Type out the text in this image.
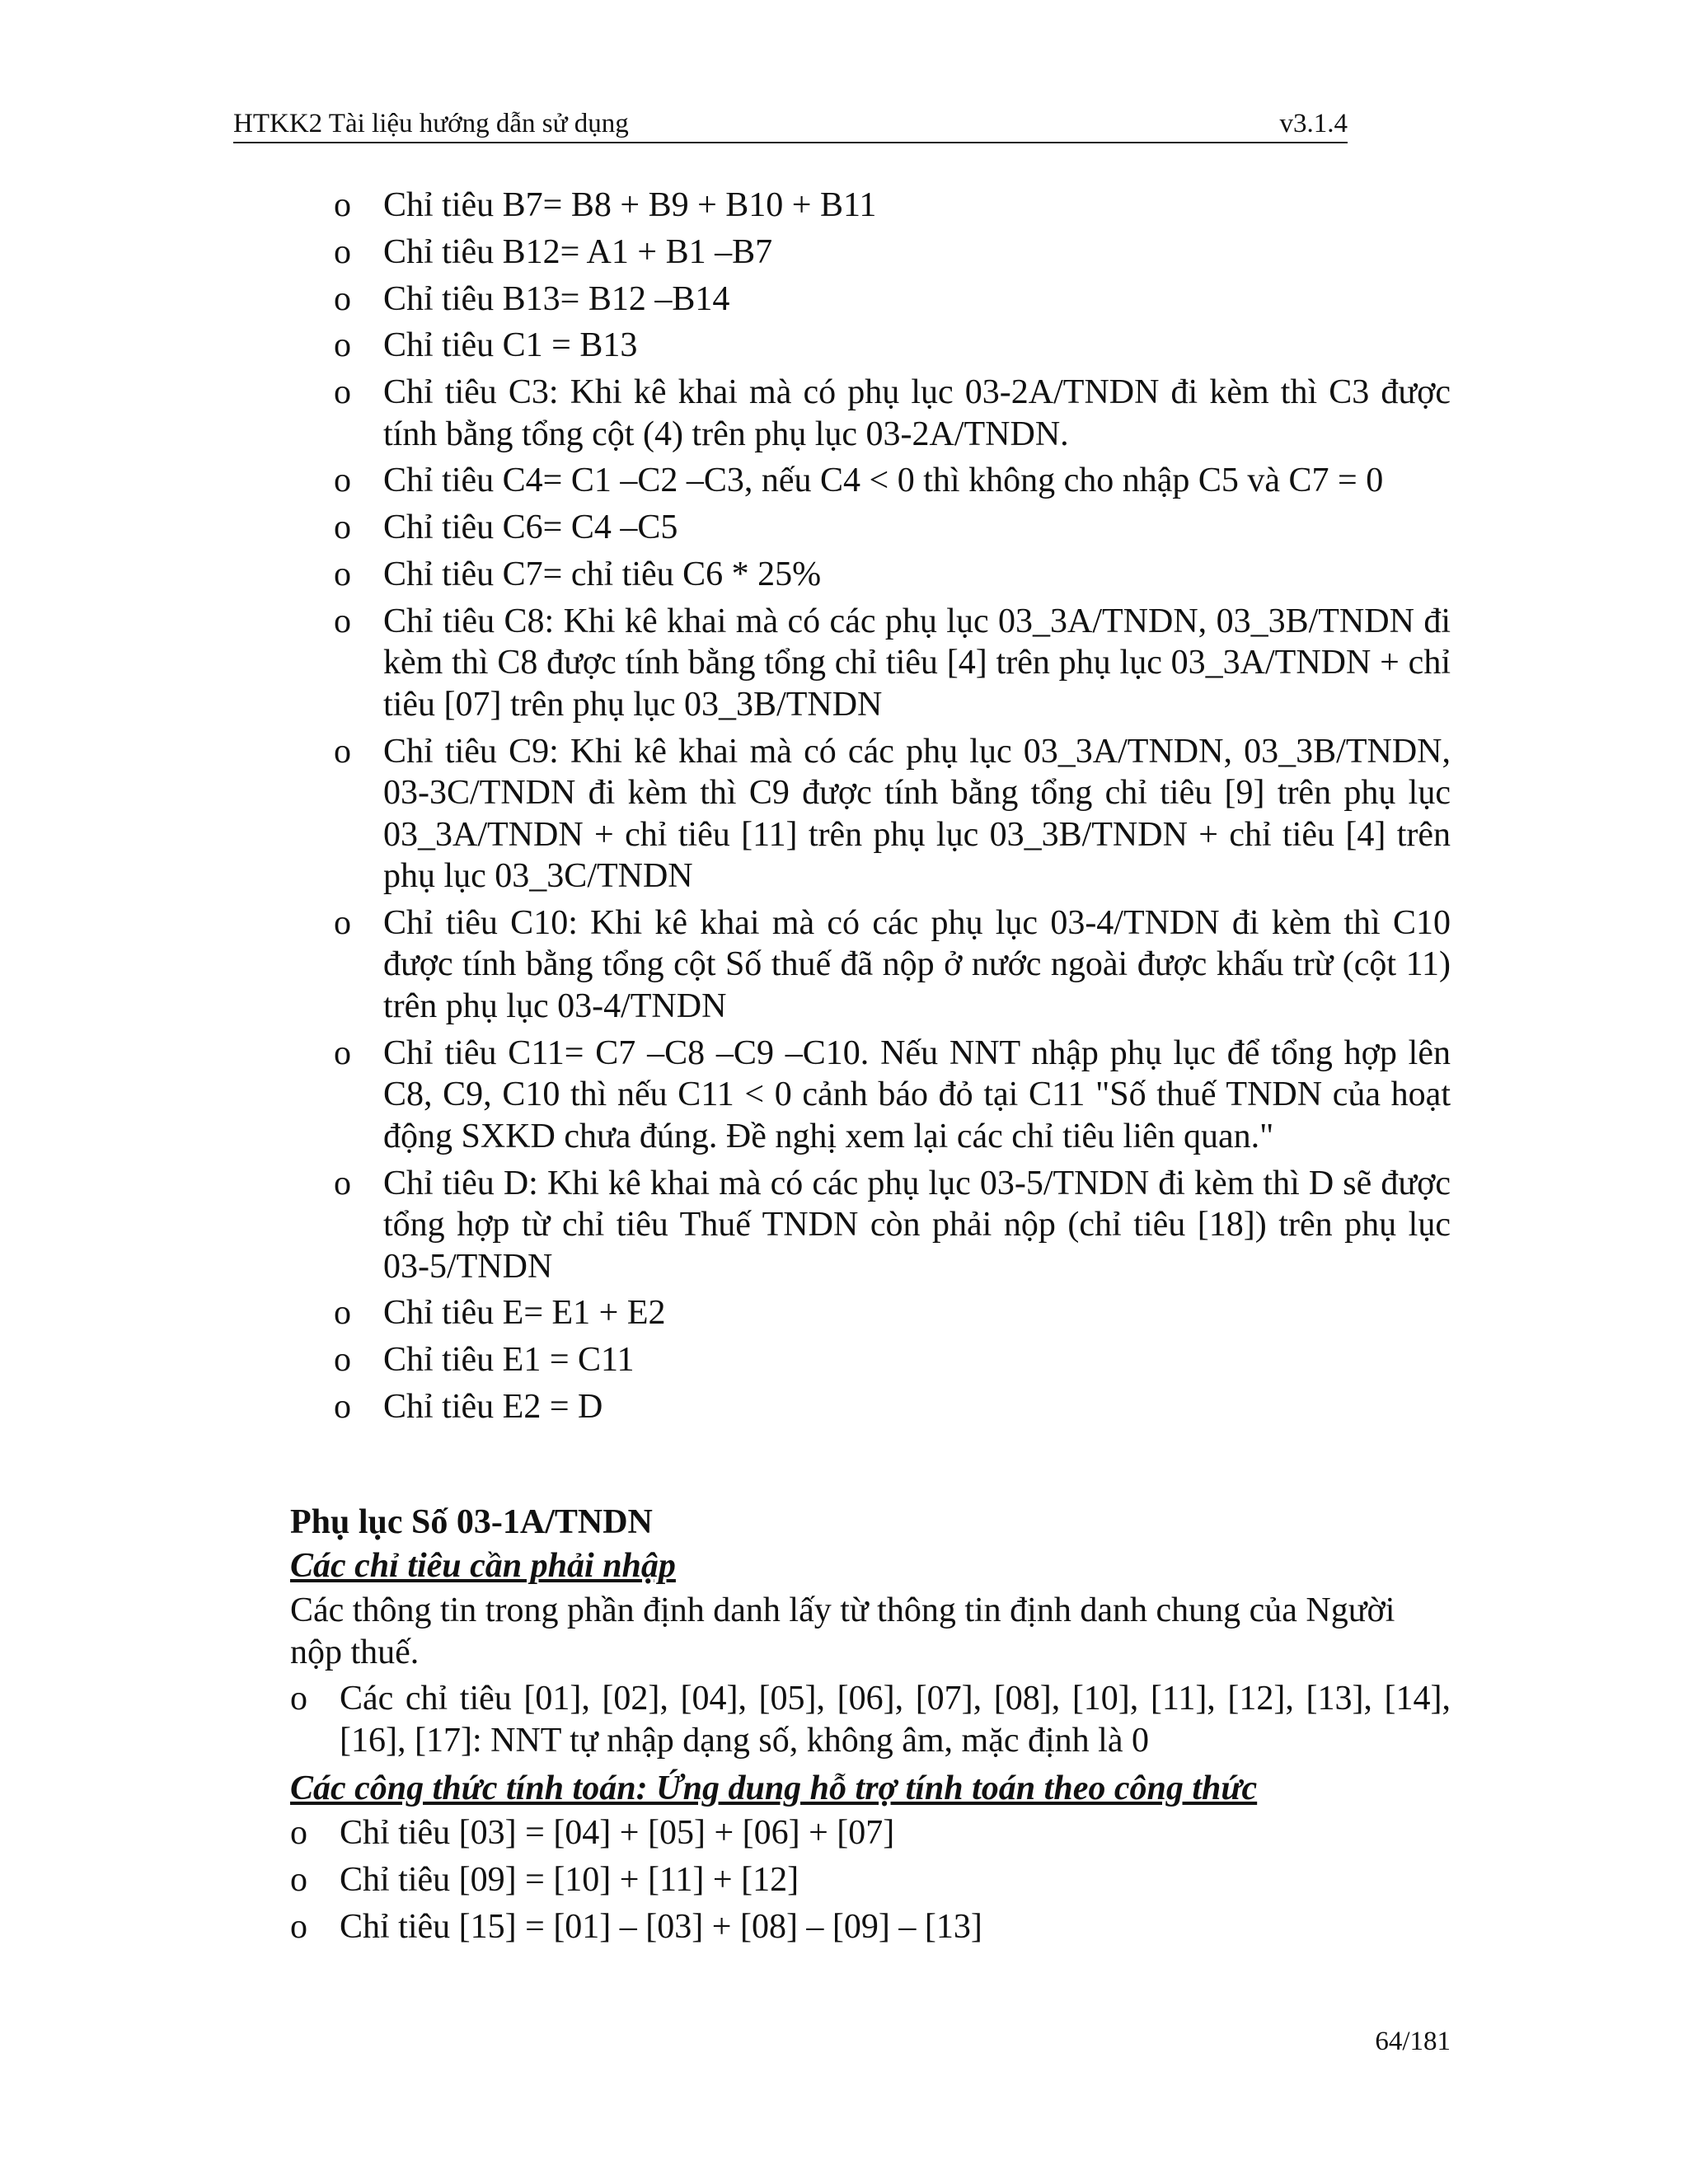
HTKK2 Tài liệu hướng dẫn sử dụng	v3.1.4
o Chỉ tiêu B7= B8 + B9 + B10 + B11
o Chỉ tiêu B12= A1 + B1 –B7
o Chỉ tiêu B13= B12 –B14
o Chỉ tiêu C1 = B13
o Chỉ tiêu C3: Khi kê khai mà có phụ lục 03-2A/TNDN đi kèm thì C3 được tính bằng tổng cột (4) trên phụ lục 03-2A/TNDN.
o Chỉ tiêu C4= C1 –C2 –C3, nếu C4 < 0 thì không cho nhập C5 và C7 = 0
o Chỉ tiêu C6= C4 –C5
o Chỉ tiêu C7= chỉ tiêu C6 * 25%
o Chỉ tiêu C8: Khi kê khai mà có các phụ lục 03_3A/TNDN, 03_3B/TNDN đi kèm thì C8 được tính bằng tổng chỉ tiêu [4] trên phụ lục 03_3A/TNDN + chỉ tiêu [07] trên phụ lục 03_3B/TNDN
o Chỉ tiêu C9: Khi kê khai mà có các phụ lục 03_3A/TNDN, 03_3B/TNDN, 03-3C/TNDN đi kèm thì C9 được tính bằng tổng chỉ tiêu [9] trên phụ lục 03_3A/TNDN + chỉ tiêu [11] trên phụ lục 03_3B/TNDN + chỉ tiêu [4] trên phụ lục 03_3C/TNDN
o Chỉ tiêu C10: Khi kê khai mà có các phụ lục 03-4/TNDN đi kèm thì C10 được tính bằng tổng cột Số thuế đã nộp ở nước ngoài được khấu trừ (cột 11) trên phụ lục 03-4/TNDN
o Chỉ tiêu C11= C7 –C8 –C9 –C10. Nếu NNT nhập phụ lục để tổng hợp lên C8, C9, C10 thì nếu C11 < 0 cảnh báo đỏ tại C11 "Số thuế TNDN của hoạt động SXKD chưa đúng. Đề nghị xem lại các chỉ tiêu liên quan."
o Chỉ tiêu D: Khi kê khai mà có các phụ lục 03-5/TNDN đi kèm thì D sẽ được tổng hợp từ chỉ tiêu Thuế TNDN còn phải nộp (chỉ tiêu [18]) trên phụ lục 03-5/TNDN
o Chỉ tiêu E= E1 + E2
o Chỉ tiêu E1 = C11
o Chỉ tiêu E2 = D
Phụ lục Số 03-1A/TNDN
Các chỉ tiêu cần phải nhập

Các thông tin trong phần định danh lấy từ thông tin định danh chung của Người nộp thuế.

o Các chỉ tiêu [01], [02], [04], [05], [06], [07], [08], [10], [11], [12], [13], [14], [16], [17]: NNT tự nhập dạng số, không âm, mặc định là 0
Các công thức tính toán: Ứng dung hỗ trợ tính toán theo công thức
o Chỉ tiêu [03] = [04] + [05] + [06] + [07]
o Chỉ tiêu [09] = [10] + [11] + [12]
o Chỉ tiêu [15] = [01] – [03] + [08] – [09] – [13]
64/181
